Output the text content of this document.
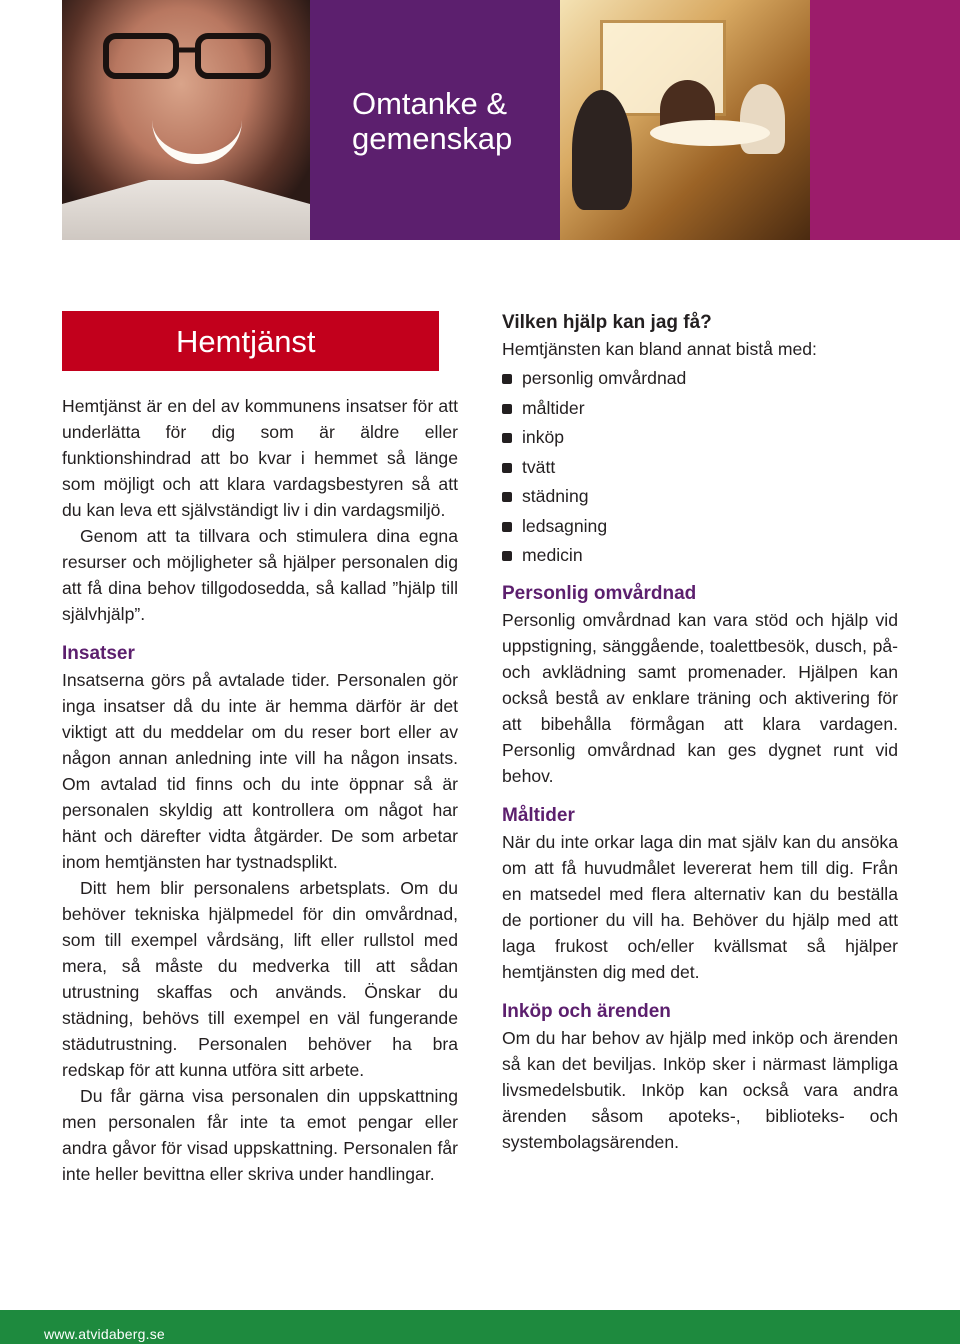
Omtanke & gemenskap
Hemtjänst

Hemtjänst är en del av kommunens insatser för att underlätta för dig som är äldre eller funktionshindrad att bo kvar i hemmet så länge som möjligt och att klara vardagsbestyren så att du kan leva ett självständigt liv i din vardagsmiljö.

Genom att ta tillvara och stimulera dina egna resurser och möjligheter så hjälper personalen dig att få dina behov tillgodosedda, så kallad ”hjälp till självhjälp”.

Insatser

Insatserna görs på avtalade tider. Personalen gör inga insatser då du inte är hemma därför är det viktigt att du meddelar om du reser bort eller av någon annan anledning inte vill ha någon insats. Om avtalad tid finns och du inte öppnar så är personalen skyldig att kontrollera om något har hänt och därefter vidta åtgärder. De som arbetar inom hemtjänsten har tystnadsplikt.

Ditt hem blir personalens arbetsplats. Om du behöver tekniska hjälpmedel för din omvårdnad, som till exempel vårdsäng, lift eller rullstol med mera, så måste du medverka till att sådan utrustning skaffas och används. Önskar du städning, behövs till exempel en väl fungerande städutrustning. Personalen behöver ha bra redskap för att kunna utföra sitt arbete.

Du får gärna visa personalen din uppskattning men personalen får inte ta emot pengar eller andra gåvor för visad uppskattning. Personalen får inte heller bevittna eller skriva under handlingar.

Vilken hjälp kan jag få?

Hemtjänsten kan bland annat bistå med:

personlig omvårdnad
måltider
inköp
tvätt
städning
ledsagning
medicin
Personlig omvårdnad

Personlig omvårdnad kan vara stöd och hjälp vid uppstigning, sänggående, toalettbesök, dusch, på- och avklädning samt promenader. Hjälpen kan också bestå av enklare träning och aktivering för att bibehålla förmågan att klara vardagen. Personlig omvårdnad kan ges dygnet runt vid behov.

Måltider

När du inte orkar laga din mat själv kan du ansöka om att få huvudmålet levererat hem till dig. Från en matsedel med flera alternativ kan du beställa de portioner du vill ha. Behöver du hjälp med att laga frukost och/eller kvällsmat så hjälper hemtjänsten dig med det.

Inköp och ärenden

Om du har behov av hjälp med inköp och ärenden så kan det beviljas. Inköp sker i närmast lämpliga livsmedelsbutik. Inköp kan också vara andra ärenden såsom apoteks-, biblioteks- och systembolagsärenden.

www.atvidaberg.se
